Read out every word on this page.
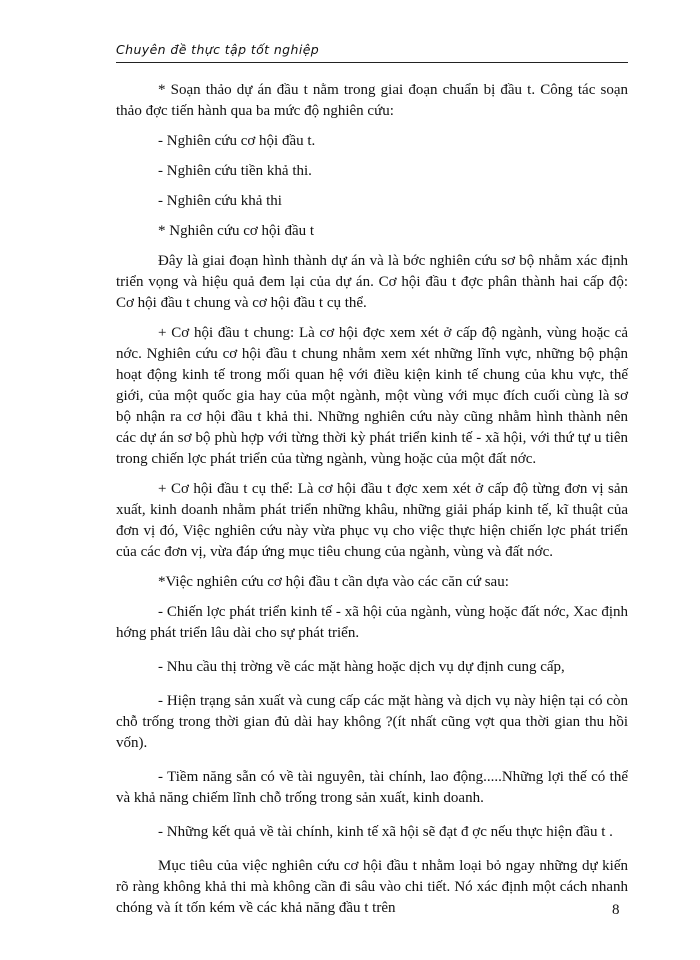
Chuyên đề thực tập tốt nghiệp

* Soạn thảo dự án đầu t nằm trong giai đoạn chuẩn bị đầu t. Công tác soạn thảo đợc tiến hành qua ba mức độ nghiên cứu:

- Nghiên cứu cơ hội đầu t.

- Nghiên cứu tiền khả thi.

- Nghiên cứu khả thi

* Nghiên cứu cơ hội đầu t

Đây là giai đoạn hình thành dự án và là bớc nghiên cứu sơ bộ nhằm xác định triển vọng và hiệu quả đem lại của dự án. Cơ hội đầu t đợc phân thành hai cấp độ: Cơ hội đầu t chung và cơ hội đầu t cụ thể.

+ Cơ hội đầu t chung: Là cơ hội đợc xem xét ở cấp độ ngành, vùng hoặc cả nớc. Nghiên cứu cơ hội đầu t chung nhằm xem xét những lĩnh vực, những bộ phận hoạt động kinh tế trong mối quan hệ với điều kiện kinh tế chung của khu vực, thế giới, của một quốc gia hay của một ngành, một vùng với mục đích cuối cùng là sơ bộ nhận ra cơ hội đầu t khả thi. Những nghiên cứu này cũng nhằm hình thành nên các dự án sơ bộ phù hợp với từng thời kỳ phát triển kinh tế - xã hội, với thứ tự u tiên trong chiến lợc phát triển của từng ngành, vùng hoặc của một đất nớc.

+ Cơ hội đầu t cụ thể: Là cơ hội đầu t đợc xem xét ở cấp độ từng đơn vị sản xuất, kinh doanh nhằm phát triển những khâu, những giải pháp kinh tế, kĩ thuật của đơn vị đó, Việc nghiên cứu này vừa phục vụ cho việc thực hiện chiến lợc phát triển của các đơn vị, vừa đáp ứng mục tiêu chung của ngành, vùng và đất nớc.

*Việc nghiên cứu cơ hội đầu t cần dựa vào các căn cứ sau:

- Chiến lợc phát triển kinh tế - xã hội của ngành, vùng hoặc đất nớc, Xac định hớng phát triển lâu dài cho sự phát triển.

- Nhu cầu thị trờng về các mặt hàng hoặc dịch vụ dự định cung cấp,

- Hiện trạng sản xuất và cung cấp các mặt hàng và dịch vụ này hiện tại có còn chỗ trống trong thời gian đủ dài hay không ?(ít nhất cũng vợt qua thời gian thu hồi vốn).

- Tiềm năng sẵn có về tài nguyên, tài chính, lao động.....Những lợi thế có thể và khả năng chiếm lĩnh chỗ trống trong sản xuất, kinh doanh.

- Những kết quả về tài chính, kinh tế xã hội sẽ đạt đ ợc nếu thực hiện đầu t .

Mục tiêu của việc nghiên cứu cơ hội đầu t nhằm loại bỏ ngay những dự kiến rõ ràng không khả thi mà không cần đi sâu vào chi tiết. Nó xác định một cách nhanh chóng và ít tốn kém về các khả năng đầu t trên	8
